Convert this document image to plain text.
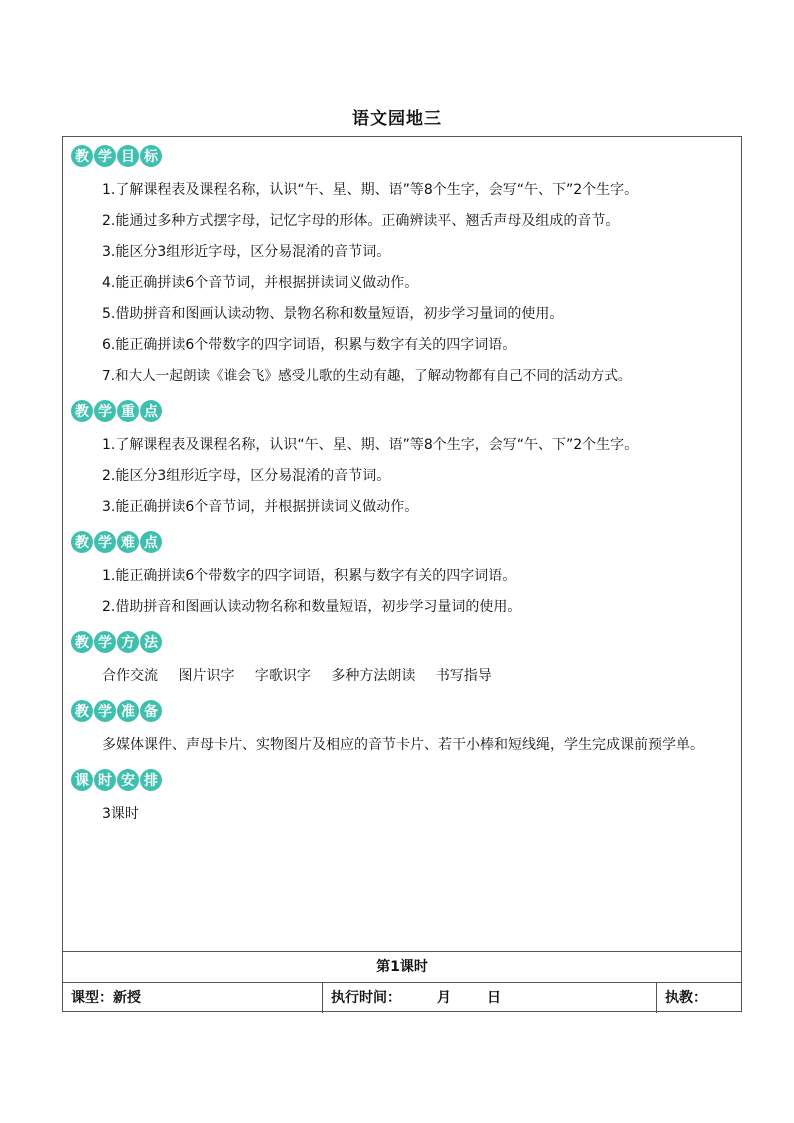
语文园地三
教 学 目 标
1.了解课程表及课程名称，认识“午、星、期、语”等8个生字，会写“午、下”2个生字。
2.能通过多种方式摆字母，记忆字母的形体。正确辨读平、翘舌声母及组成的音节。
3.能区分3组形近字母，区分易混淆的音节词。
4.能正确拼读6个音节词，并根据拼读词义做动作。
5.借助拼音和图画认读动物、景物名称和数量短语，初步学习量词的使用。
6.能正确拼读6个带数字的四字词语，积累与数字有关的四字词语。
7.和大人一起朗读《谁会飞》感受儿歌的生动有趣，了解动物都有自己不同的活动方式。
教 学 重 点
1.了解课程表及课程名称，认识“午、星、期、语”等8个生字，会写“午、下”2个生字。
2.能区分3组形近字母，区分易混淆的音节词。
3.能正确拼读6个音节词，并根据拼读词义做动作。
教 学 难 点
1.能正确拼读6个带数字的四字词语，积累与数字有关的四字词语。
2.借助拼音和图画认读动物名称和数量短语，初步学习量词的使用。
教 学 方 法
合作交流 图片识字 字歌识字 多种方法朗读 书写指导
教 学 准 备
多媒体课件、声母卡片、实物图片及相应的音节卡片、若干小棒和短线绳，学生完成课前预学单。
课 时 安 排
3课时
第1课时
课型：新授	执行时间：	月	日	执教：
